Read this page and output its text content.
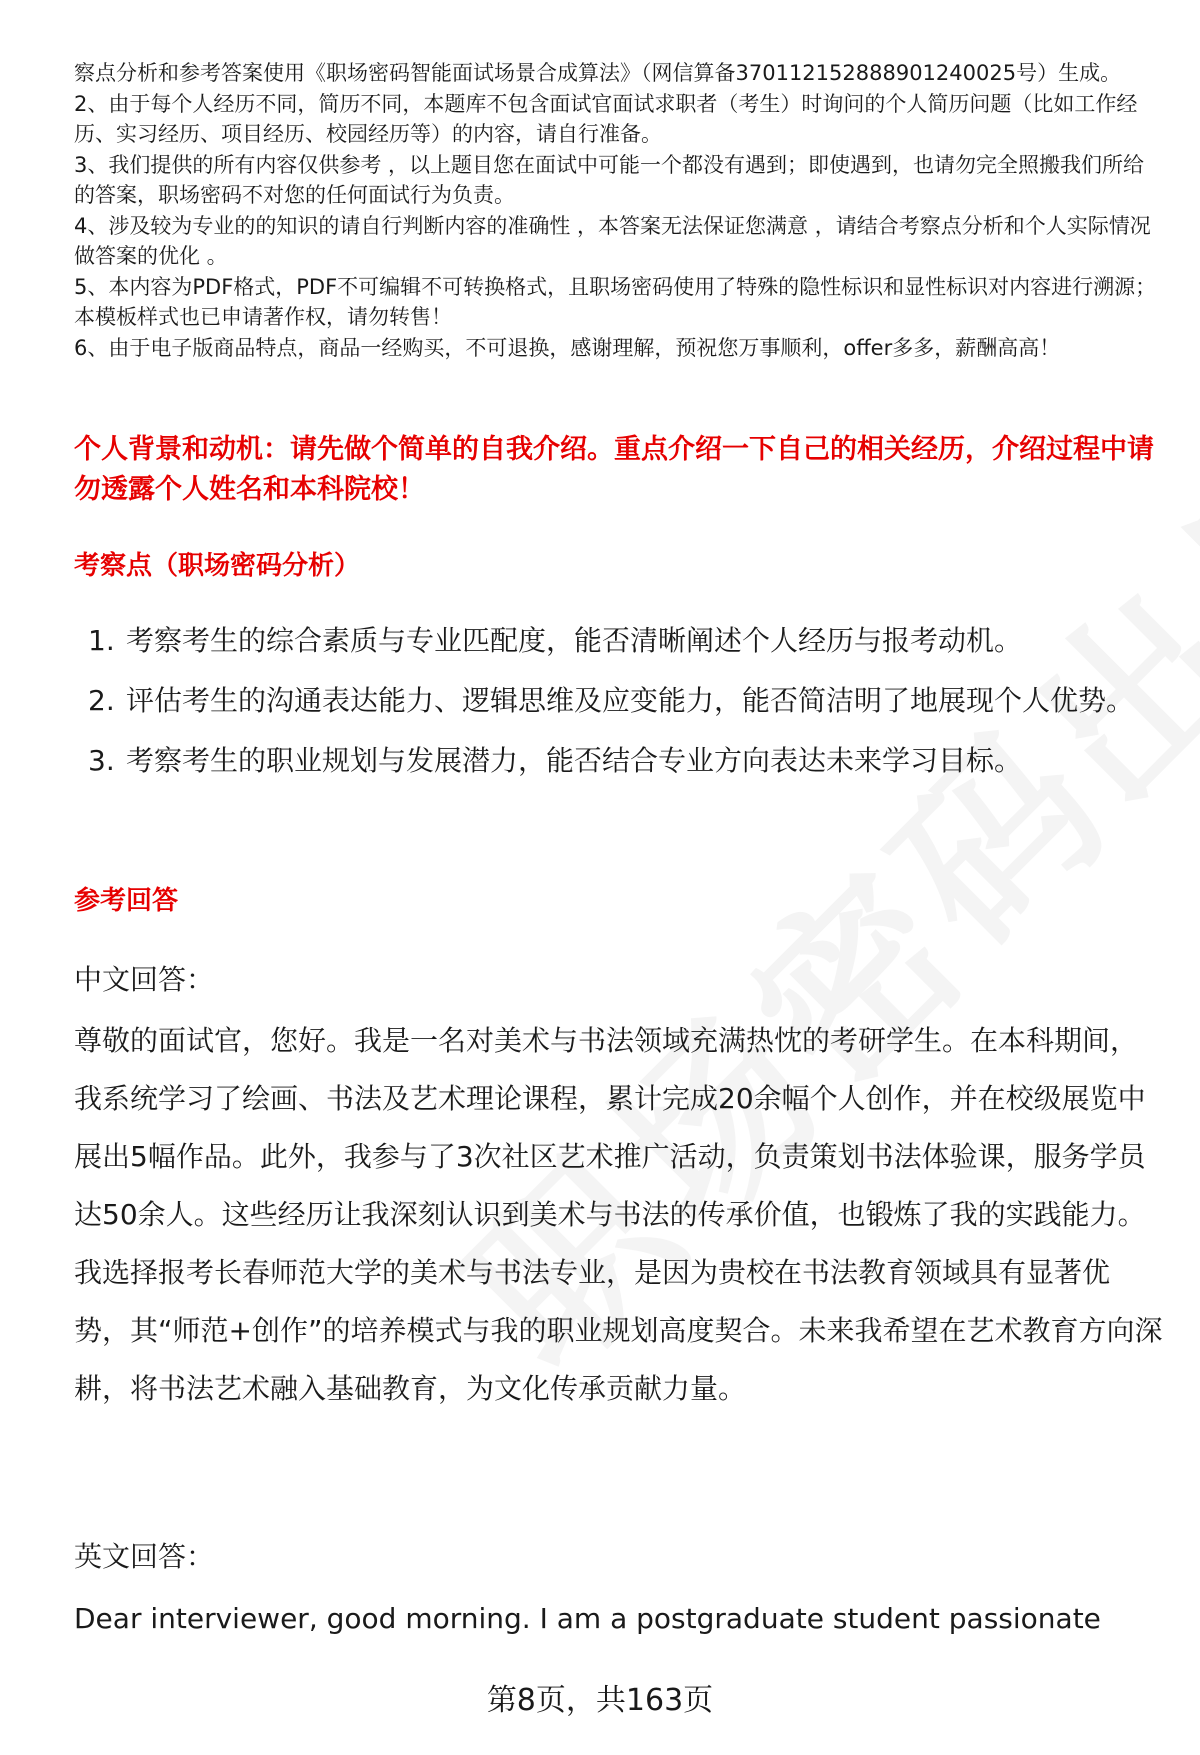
察点分析和参考答案使用《职场密码智能面试场景合成算法》（网信算备370112152888901240025号）生成。

2、由于每个人经历不同，简历不同，本题库不包含面试官面试求职者（考生）时询问的个人简历问题（比如工作经历、实习经历、项目经历、校园经历等）的内容，请自行准备。

3、我们提供的所有内容仅供参考 ，以上题目您在面试中可能一个都没有遇到；即使遇到，也请勿完全照搬我们所给的答案，职场密码不对您的任何面试行为负责。

4、涉及较为专业的的知识的请自行判断内容的准确性 ，本答案无法保证您满意 ，请结合考察点分析和个人实际情况做答案的优化 。

5、本内容为PDF格式，PDF不可编辑不可转换格式，且职场密码使用了特殊的隐性标识和显性标识对内容进行溯源；本模板样式也已申请著作权，请勿转售！

6、由于电子版商品特点，商品一经购买，不可退换，感谢理解，预祝您万事顺利，offer多多，薪酬高高！

个人背景和动机：请先做个简单的自我介绍。重点介绍一下自己的相关经历，介绍过程中请勿透露个人姓名和本科院校！
考察点（职场密码分析）
1. 考察考生的综合素质与专业匹配度，能否清晰阐述个人经历与报考动机。
2. 评估考生的沟通表达能力、逻辑思维及应变能力，能否简洁明了地展现个人优势。
3. 考察考生的职业规划与发展潜力，能否结合专业方向表达未来学习目标。
参考回答
中文回答：
尊敬的面试官，您好。我是一名对美术与书法领域充满热忱的考研学生。在本科期间，我系统学习了绘画、书法及艺术理论课程，累计完成20余幅个人创作，并在校级展览中展出5幅作品。此外，我参与了3次社区艺术推广活动，负责策划书法体验课，服务学员达50余人。这些经历让我深刻认识到美术与书法的传承价值，也锻炼了我的实践能力。我选择报考长春师范大学的美术与书法专业，是因为贵校在书法教育领域具有显著优势，其“师范+创作”的培养模式与我的职业规划高度契合。未来我希望在艺术教育方向深耕，将书法艺术融入基础教育，为文化传承贡献力量。
英文回答：
Dear interviewer, good morning. I am a postgraduate student passionate
第8页，共163页
